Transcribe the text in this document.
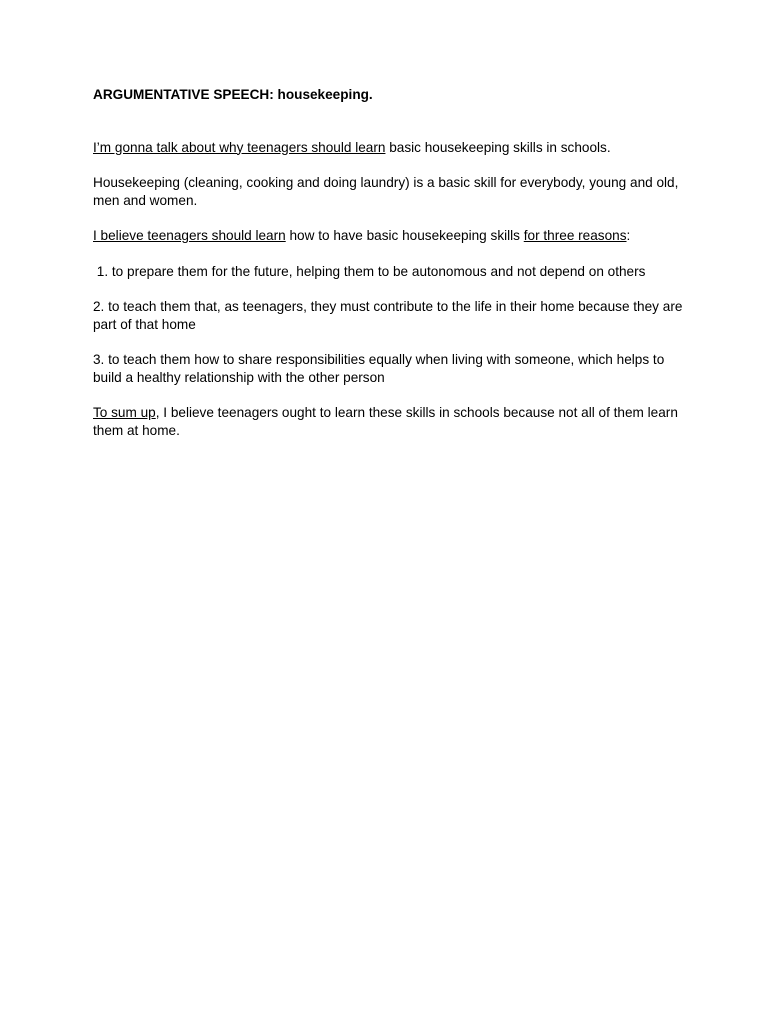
ARGUMENTATIVE SPEECH: housekeeping.

I’m gonna talk about why teenagers should learn basic housekeeping skills in schools.

Housekeeping (cleaning, cooking and doing laundry) is a basic skill for everybody, young and old, men and women.

I believe teenagers should learn how to have basic housekeeping skills for three reasons:

1. to prepare them for the future, helping them to be autonomous and not depend on others

2. to teach them that, as teenagers, they must contribute to the life in their home because they are part of that home

3. to teach them how to share responsibilities equally when living with someone, which helps to build a healthy relationship with the other person

To sum up, I believe teenagers ought to learn these skills in schools because not all of them learn them at home.
